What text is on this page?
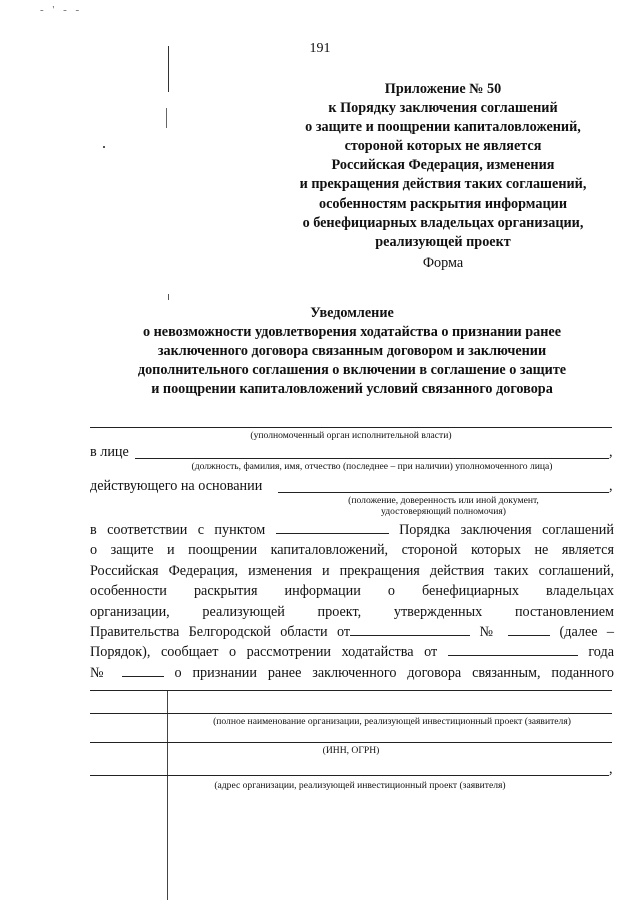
- ' - -
191
Приложение № 50
к Порядку заключения соглашений
о защите и поощрении капиталовложений,
стороной которых не является
Российская Федерация, изменения
и прекращения действия таких соглашений,
особенностям раскрытия информации
о бенефициарных владельцах организации,
реализующей проект
Форма
Уведомление
о невозможности удовлетворения ходатайства о признании ранее
заключенного договора связанным договором и заключении
дополнительного соглашения о включении в соглашение о защите
и поощрении капиталовложений условий связанного договора
(уполномоченный орган исполнительной власти)
в лице	,
(должность, фамилия, имя, отчество (последнее – при наличии) уполномоченного лица)
действующего на основании	,
(положение, доверенность или иной документ,
удостоверяющий полномочия)
в соответствии с пунктом	Порядка заключения соглашений
о защите и поощрении капиталовложений, стороной которых не является
Российская Федерация, изменения и прекращения действия таких соглашений,
особенности раскрытия информации о бенефициарных владельцах
организации, реализующей проект, утвержденных постановлением
Правительства Белгородской области от	№	(далее –
Порядок), сообщает о рассмотрении ходатайства от	года
№	о признании ранее заключенного договора связанным, поданного
(полное наименование организации, реализующей инвестиционный проект (заявителя)
(ИНН, ОГРН)
,
(адрес организации, реализующей инвестиционный проект (заявителя)
